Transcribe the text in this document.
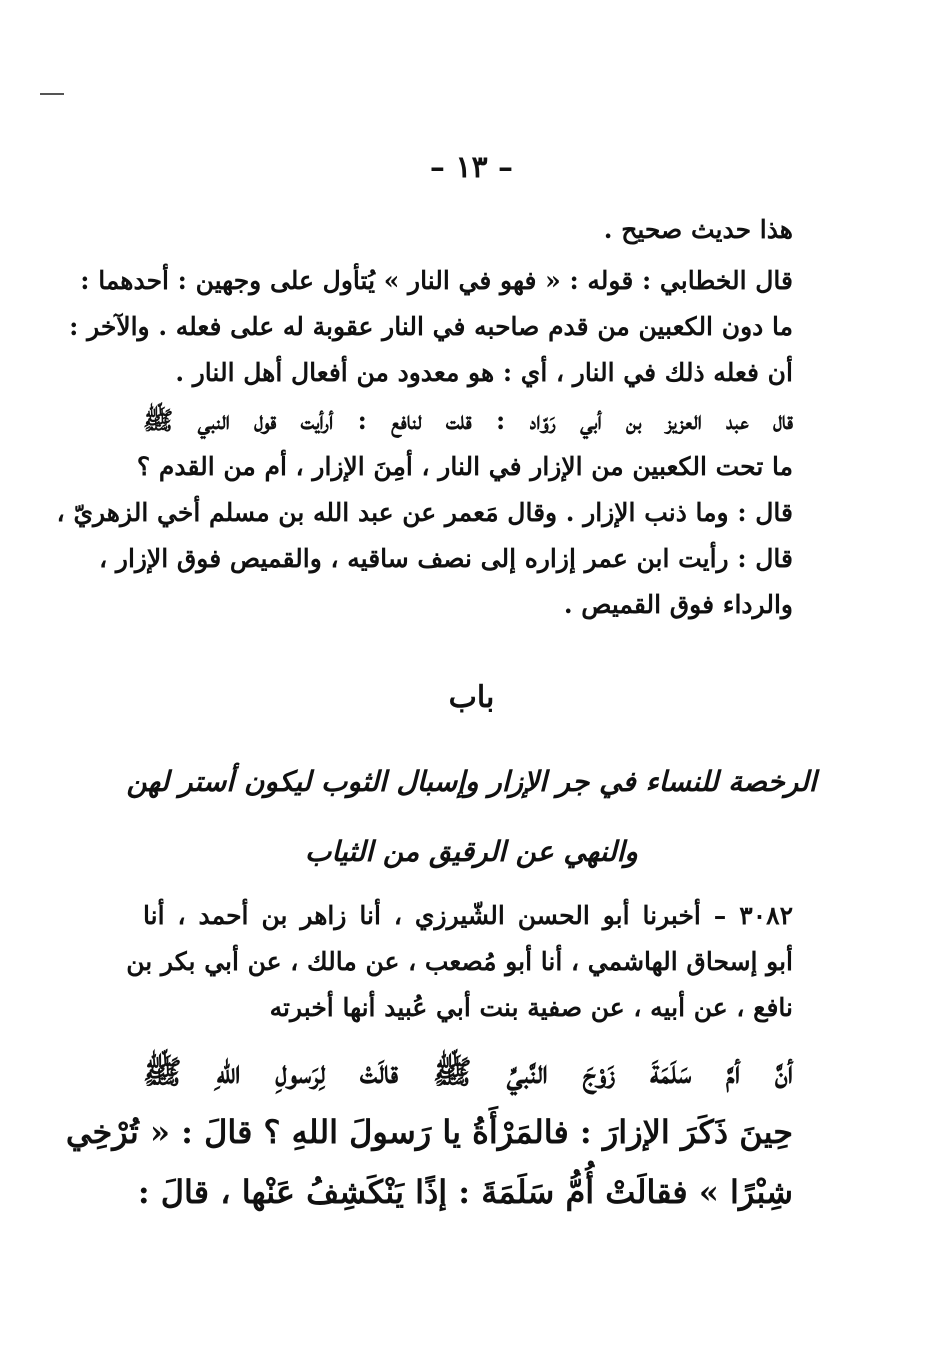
– ١٣ –
هذا حديث صحيح .
قال الخطابي : قوله : « فهو في النار » يُتأول على وجهين : أحدهما :
ما دون الكعبين من قدم صاحبه في النار عقوبة له على فعله . والآخر :
أن فعله ذلك في النار ، أي : هو معدود من أفعال أهل النار .
قال عبد العزيز بن أبي رَوّاد : قلت لنافع : أرأيت قول النبي ﷺ
ما تحت الكعبين من الإزار في النار ، أمِنَ الإزار ، أم من القدم ؟
قال : وما ذنب الإزار . وقال مَعمر عن عبد الله بن مسلم أخي الزهريّ ،
قال : رأيت ابن عمر إزاره إلى نصف ساقيه ، والقميص فوق الإزار ،
والرداء فوق القميص .
باب
الرخصة للنساء في جر الإزار وإسبال الثوب ليكون أستر لهن
والنهي عن الرقيق من الثياب
٣٠٨٢ – أخبرنا أبو الحسن الشّيرزي ، أنا زاهر بن أحمد ، أنا
أبو إسحاق الهاشمي ، أنا أبو مُصعب ، عن مالك ، عن أبي بكر بن
نافع ، عن أبيه ، عن صفية بنت أبي عُبيد أنها أخبرته
أنَّ أمَّ سَلَمَةَ زَوْجَ النَّبيِّ ﷺ قالَتْ لِرَسولِ اللهِ ﷺ
حِينَ ذَكَرَ الإزارَ : فالمَرْأَةُ يا رَسولَ اللهِ ؟ قالَ : « تُرْخِي
شِبْرًا » فقالَتْ أُمُّ سَلَمَةَ : إذًا يَنْكَشِفُ عَنْها ، قالَ :
